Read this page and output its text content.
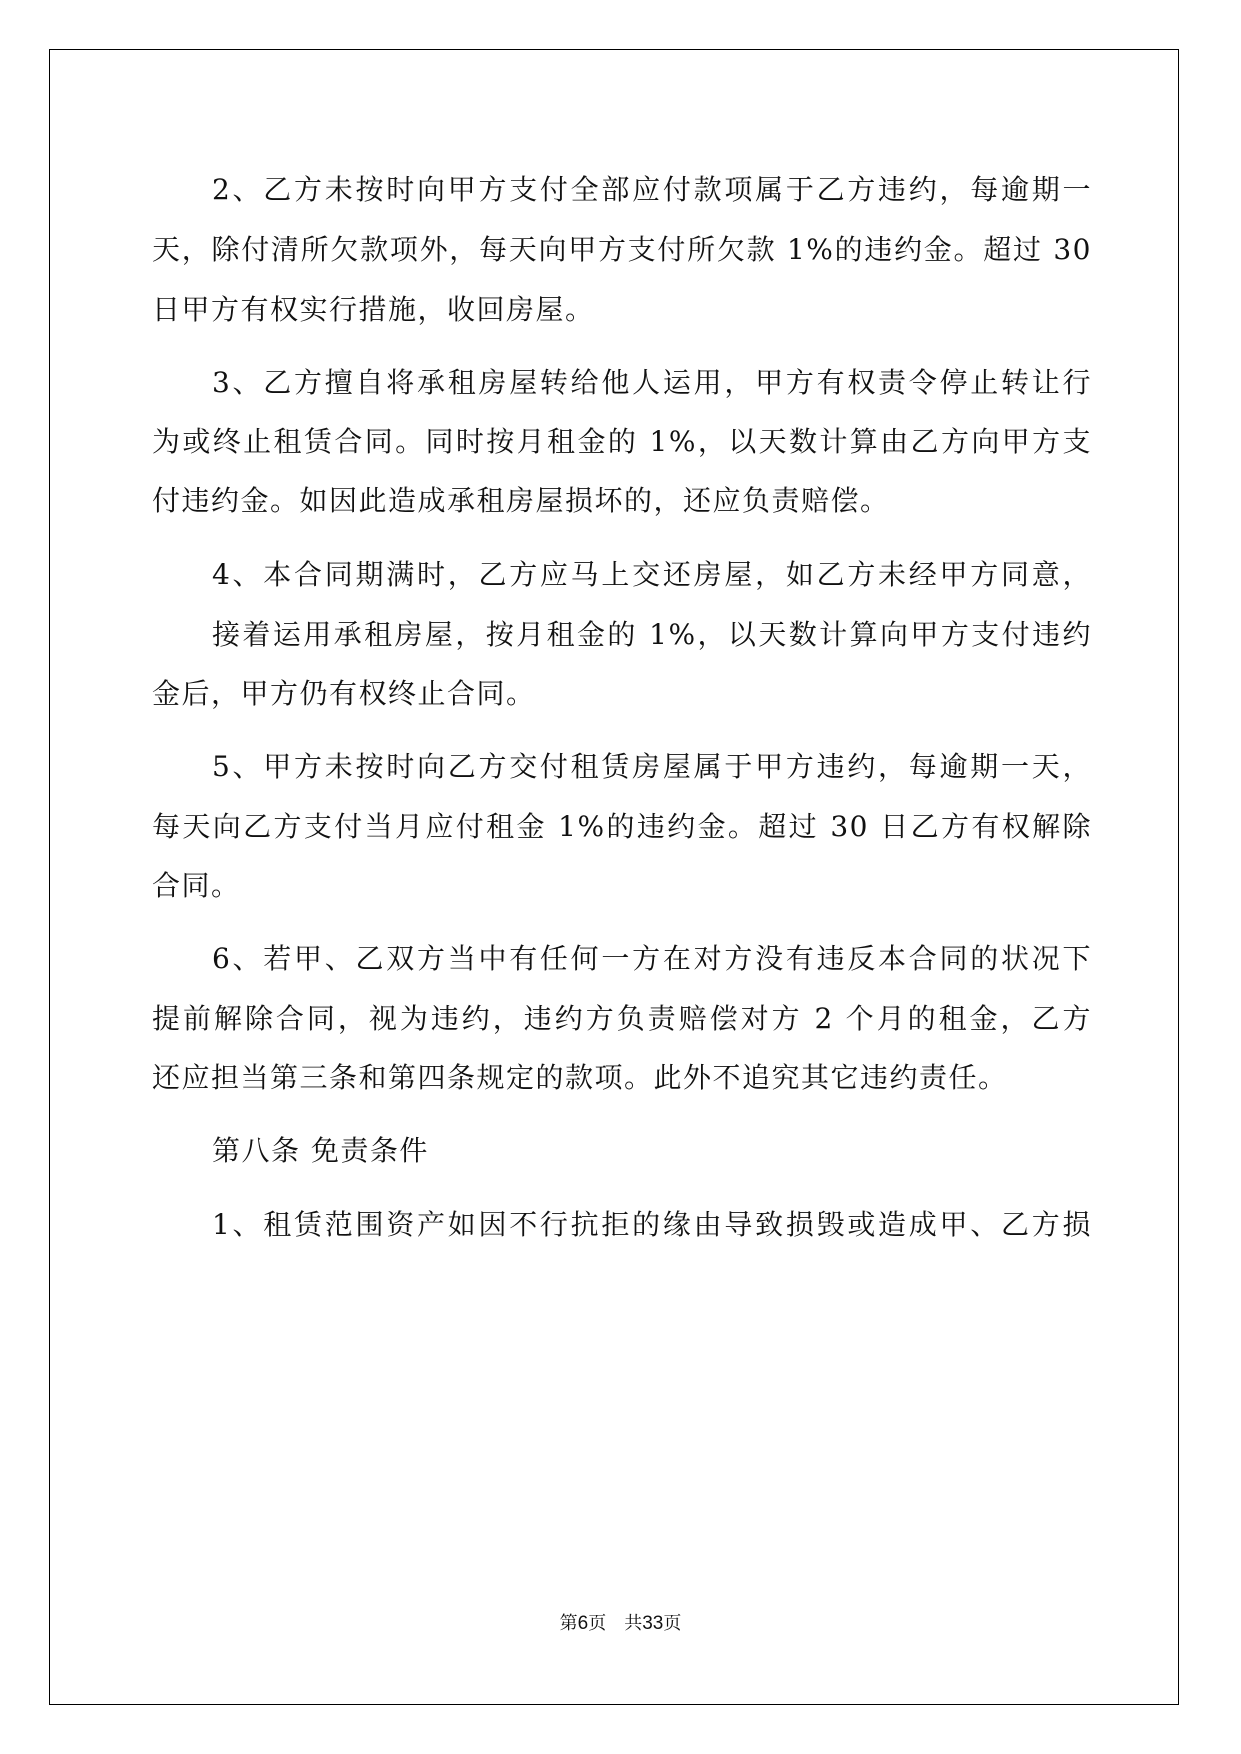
2、乙方未按时向甲方支付全部应付款项属于乙方违约，每逾期一
天，除付清所欠款项外，每天向甲方支付所欠款 1%的违约金。超过 30
日甲方有权实行措施，收回房屋。
3、乙方擅自将承租房屋转给他人运用，甲方有权责令停止转让行
为或终止租赁合同。同时按月租金的 1%，以天数计算由乙方向甲方支
付违约金。如因此造成承租房屋损坏的，还应负责赔偿。
4、本合同期满时，乙方应马上交还房屋，如乙方未经甲方同意，
接着运用承租房屋，按月租金的 1%，以天数计算向甲方支付违约
金后，甲方仍有权终止合同。
5、甲方未按时向乙方交付租赁房屋属于甲方违约，每逾期一天，
每天向乙方支付当月应付租金 1%的违约金。超过 30 日乙方有权解除
合同。
6、若甲、乙双方当中有任何一方在对方没有违反本合同的状况下
提前解除合同，视为违约，违约方负责赔偿对方 2 个月的租金，乙方
还应担当第三条和第四条规定的款项。此外不追究其它违约责任。
第八条 免责条件
1、租赁范围资产如因不行抗拒的缘由导致损毁或造成甲、乙方损
第6页 共33页
